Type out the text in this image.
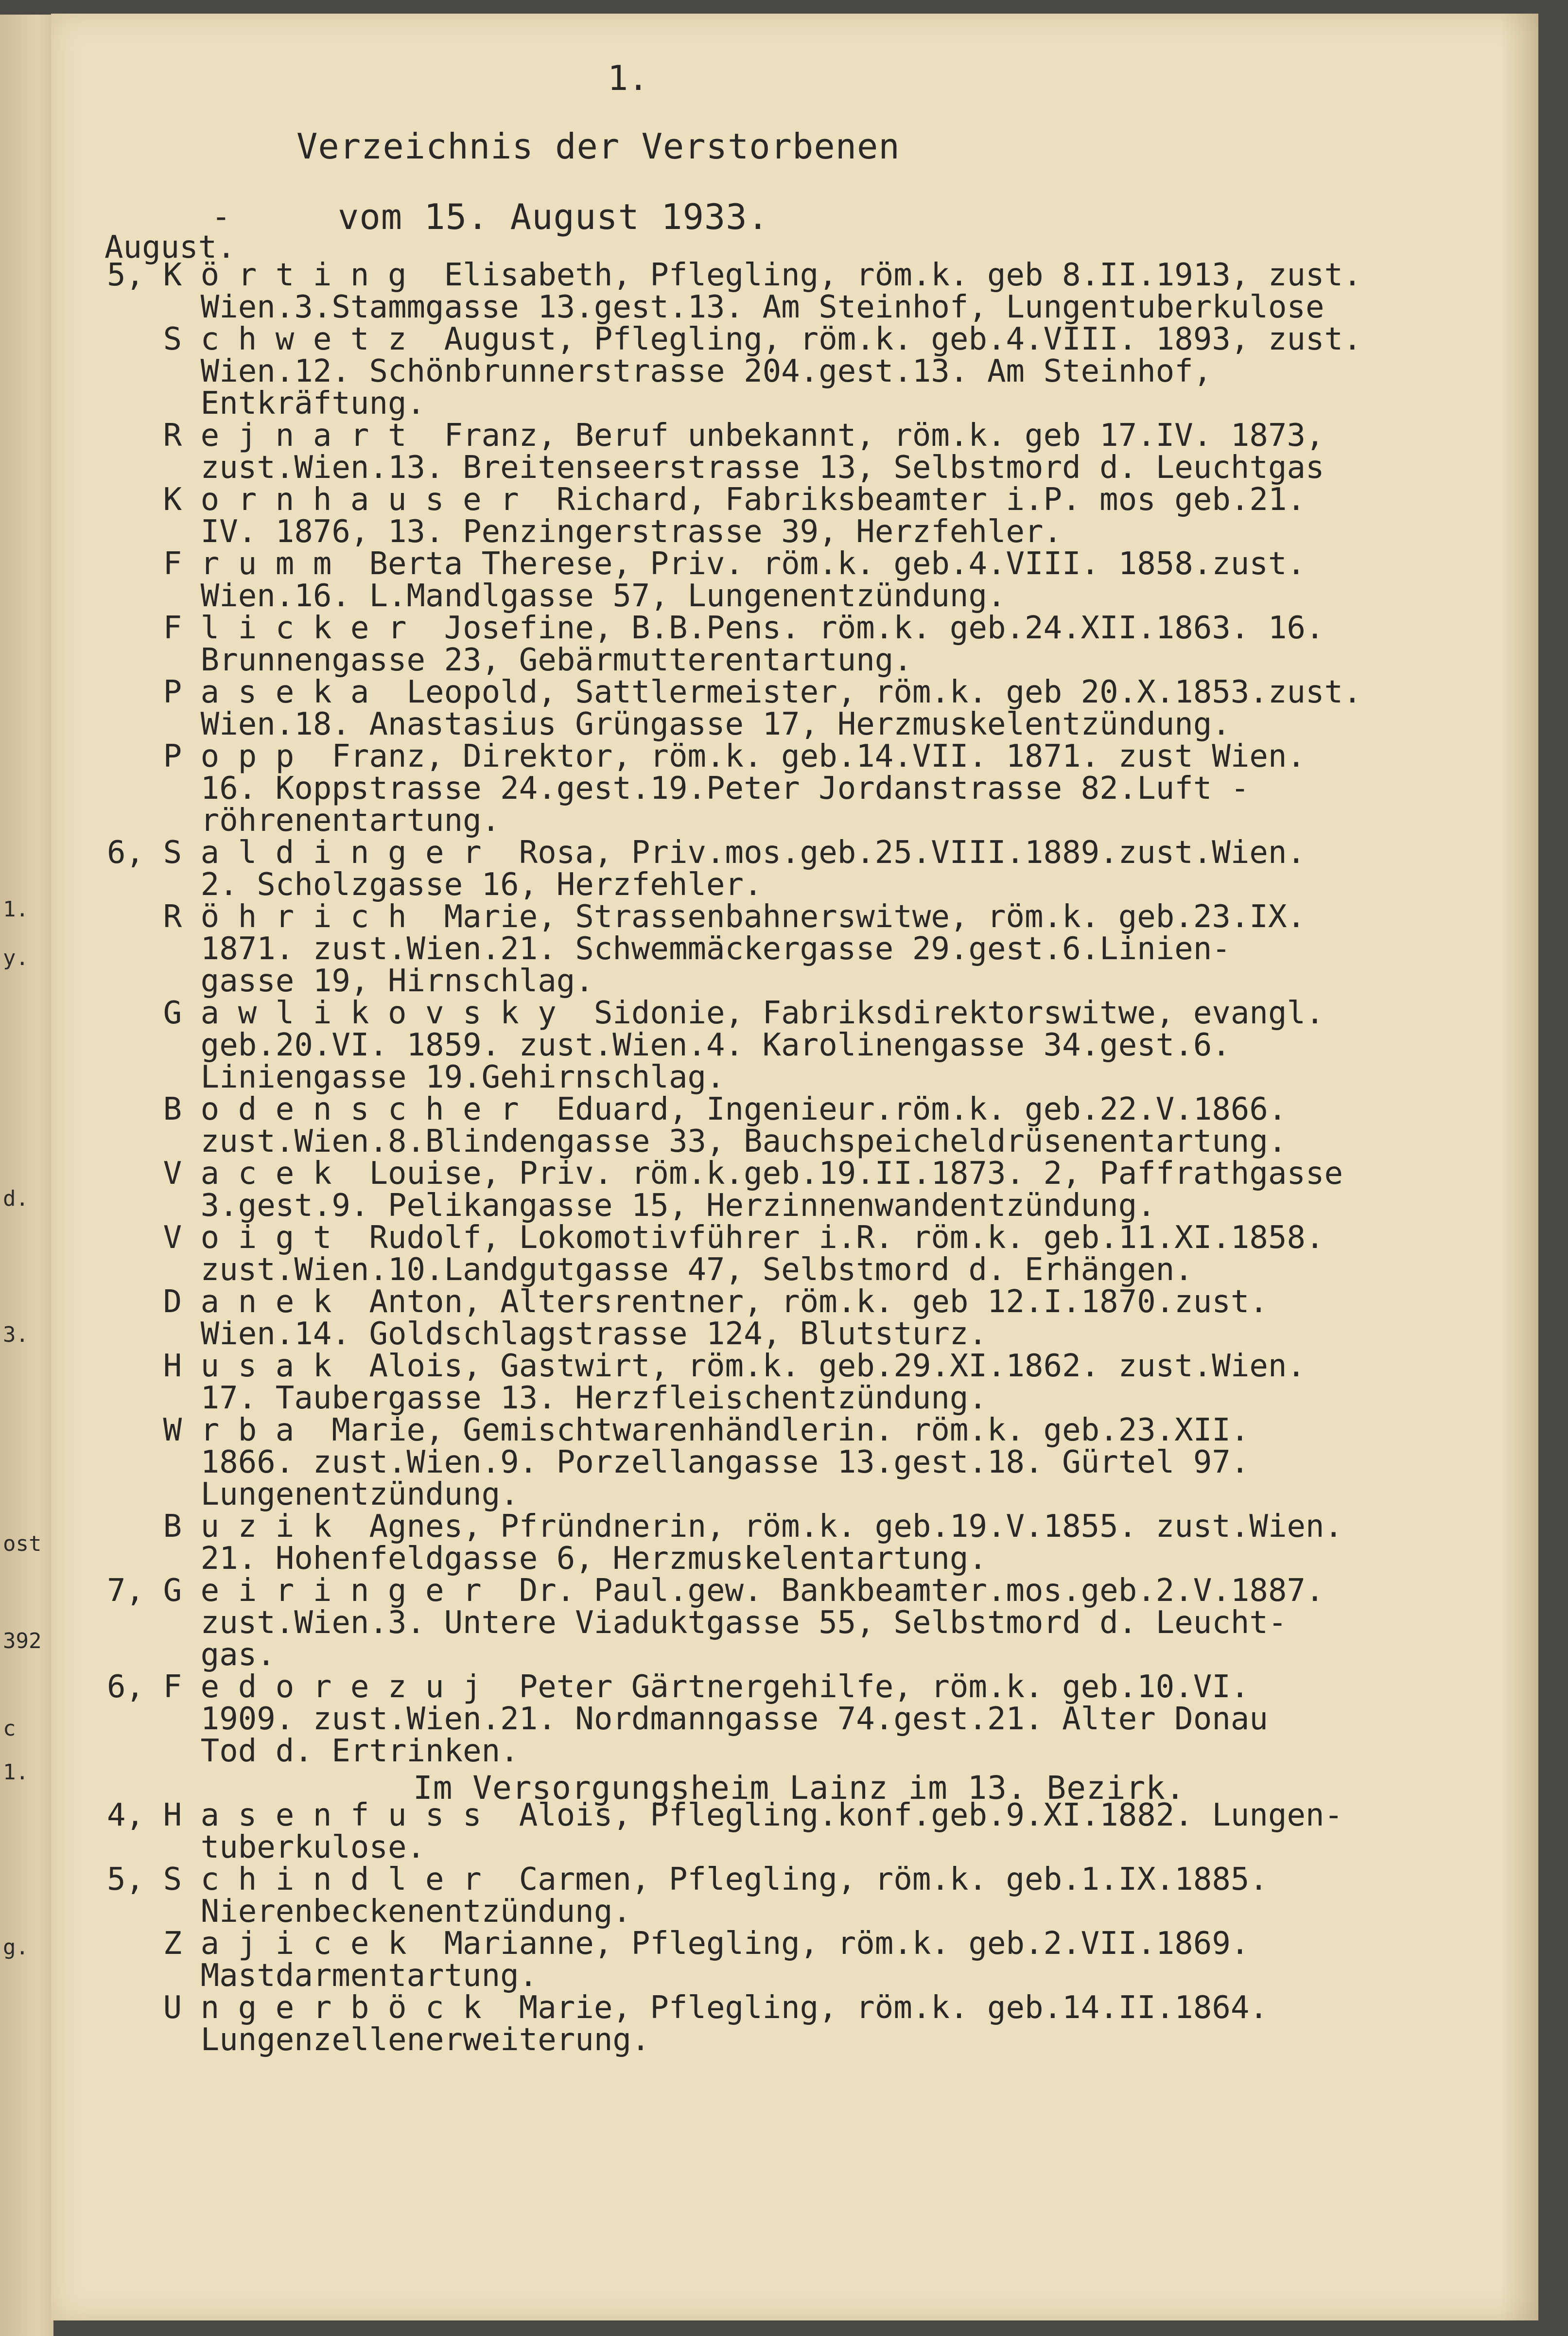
1.
y.
d.
3.
ost
392
c
1.
g.

1.

Verzeichnis der Verstorbenen

-

	vom 15. August 1933.

August.

5, K ö r t i n g  Elisabeth, Pflegling, röm.k. geb 8.II.1913, zust.
Wien.3.Stammgasse 13.gest.13. Am Steinhof, Lungentuberkulose
S c h w e t z  August, Pflegling, röm.k. geb.4.VIII. 1893, zust.
Wien.12. Schönbrunnerstrasse 204.gest.13. Am Steinhof,
Entkräftung.
R e j n a r t  Franz, Beruf unbekannt, röm.k. geb 17.IV. 1873,
zust.Wien.13. Breitenseerstrasse 13, Selbstmord d. Leuchtgas
K o r n h a u s e r  Richard, Fabriksbeamter i.P. mos geb.21.
IV. 1876, 13. Penzingerstrasse 39, Herzfehler.
F r u m m  Berta Therese, Priv. röm.k. geb.4.VIII. 1858.zust.
Wien.16. L.Mandlgasse 57, Lungenentzündung.
F l i c k e r  Josefine, B.B.Pens. röm.k. geb.24.XII.1863. 16.
Brunnengasse 23, Gebärmutterentartung.
P a s e k a  Leopold, Sattlermeister, röm.k. geb 20.X.1853.zust.
Wien.18. Anastasius Grüngasse 17, Herzmuskelentzündung.
P o p p  Franz, Direktor, röm.k. geb.14.VII. 1871. zust Wien.
16. Koppstrasse 24.gest.19.Peter Jordanstrasse 82.Luft -
röhrenentartung.
6, S a l d i n g e r  Rosa, Priv.mos.geb.25.VIII.1889.zust.Wien.
2. Scholzgasse 16, Herzfehler.
R ö h r i c h  Marie, Strassenbahnerswitwe, röm.k. geb.23.IX.
1871. zust.Wien.21. Schwemmäckergasse 29.gest.6.Linien-
gasse 19, Hirnschlag.
G a w l i k o v s k y  Sidonie, Fabriksdirektorswitwe, evangl.
geb.20.VI. 1859. zust.Wien.4. Karolinengasse 34.gest.6.
Liniengasse 19.Gehirnschlag.
B o d e n s c h e r  Eduard, Ingenieur.röm.k. geb.22.V.1866.
zust.Wien.8.Blindengasse 33, Bauchspeicheldrüsenentartung.
V a c e k  Louise, Priv. röm.k.geb.19.II.1873. 2, Paffrathgasse
3.gest.9. Pelikangasse 15, Herzinnenwandentzündung.
V o i g t  Rudolf, Lokomotivführer i.R. röm.k. geb.11.XI.1858.
zust.Wien.10.Landgutgasse 47, Selbstmord d. Erhängen.
D a n e k  Anton, Altersrentner, röm.k. geb 12.I.1870.zust.
Wien.14. Goldschlagstrasse 124, Blutsturz.
H u s a k  Alois, Gastwirt, röm.k. geb.29.XI.1862. zust.Wien.
17. Taubergasse 13. Herzfleischentzündung.
W r b a  Marie, Gemischtwarenhändlerin. röm.k. geb.23.XII.
1866. zust.Wien.9. Porzellangasse 13.gest.18. Gürtel 97.
Lungenentzündung.
B u z i k  Agnes, Pfründnerin, röm.k. geb.19.V.1855. zust.Wien.
21. Hohenfeldgasse 6, Herzmuskelentartung.
7, G e i r i n g e r  Dr. Paul.gew. Bankbeamter.mos.geb.2.V.1887.
zust.Wien.3. Untere Viaduktgasse 55, Selbstmord d. Leucht-
gas.
6, F e d o r e z u j  Peter Gärtnergehilfe, röm.k. geb.10.VI.
1909. zust.Wien.21. Nordmanngasse 74.gest.21. Alter Donau
Tod d. Ertrinken.
4, H a s e n f u s s  Alois, Pflegling.konf.geb.9.XI.1882. Lungen-
tuberkulose.
5, S c h i n d l e r  Carmen, Pflegling, röm.k. geb.1.IX.1885.
Nierenbeckenentzündung.
Z a j i c e k  Marianne, Pflegling, röm.k. geb.2.VII.1869.
Mastdarmentartung.
U n g e r b ö c k  Marie, Pflegling, röm.k. geb.14.II.1864.
Lungenzellenerweiterung.
Im Versorgungsheim Lainz im 13. Bezirk.
